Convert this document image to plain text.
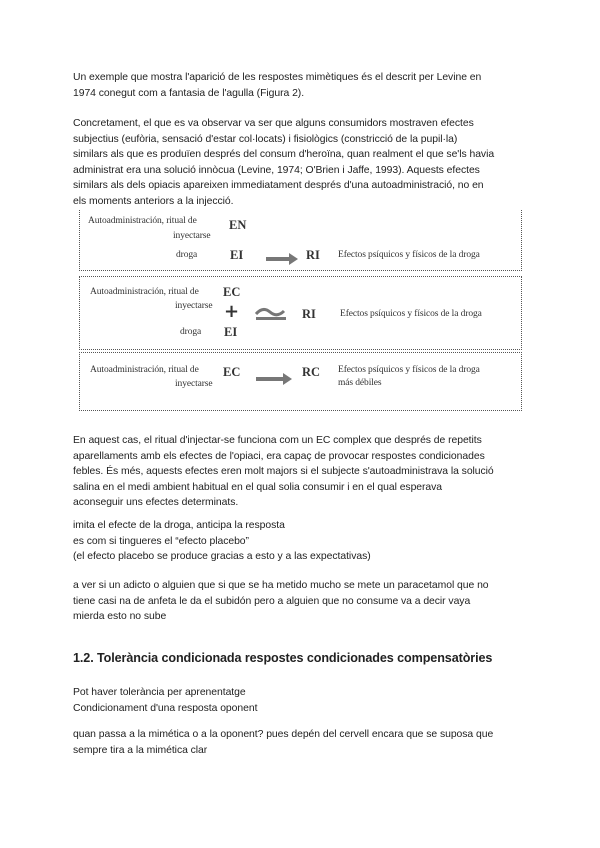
Un exemple que mostra l'aparició de les respostes mimètiques és el descrit per Levine en
1974 conegut com a fantasia de l'agulla (Figura 2).

Concretament, el que es va observar va ser que alguns consumidors mostraven efectes
subjectius (eufòria, sensació d'estar col·locats) i fisiològics (constricció de la pupil·la)
similars als que es produïen després del consum d'heroïna, quan realment el que se'ls havia
administrat era una solució innòcua (Levine, 1974; O'Brien i Jaffe, 1993). Aquests efectes
similars als dels opiacis apareixen immediatament després d'una autoadministració, no en
els moments anteriors a la injecció.

Autoadministración, ritual de
inyectarse
droga
EN
EI	RI Efectos psíquicos y físicos de la droga
Autoadministración, ritual de
inyectarse
droga
EC
+
EI
RI	Efectos psíquicos y físicos de la droga
Autoadministración, ritual de
inyectarse
EC	RC Efectos psíquicos y físicos de la droga
más débiles

En aquest cas, el ritual d'injectar-se funciona com un EC complex que després de repetits
aparellaments amb els efectes de l'opiaci, era capaç de provocar respostes condicionades
febles. És més, aquests efectes eren molt majors si el subjecte s'autoadministrava la solució
salina en el medi ambient habitual en el qual solia consumir i en el qual esperava
aconseguir uns efectes determinats.

imita el efecte de la droga, anticipa la resposta
es com si tingueres el “efecto placebo”
(el efecto placebo se produce gracias a esto y a las expectativas)

a ver si un adicto o alguien que si que se ha metido mucho se mete un paracetamol que no
tiene casi na de anfeta le da el subidón pero a alguien que no consume va a decir vaya
mierda esto no sube

1.2. Tolerància condicionada respostes condicionades compensatòries

Pot haver tolerància per aprenentatge
Condicionament d'una resposta oponent

quan passa a la mimética o a la oponent? pues depén del cervell encara que se suposa que
sempre tira a la mimética clar
